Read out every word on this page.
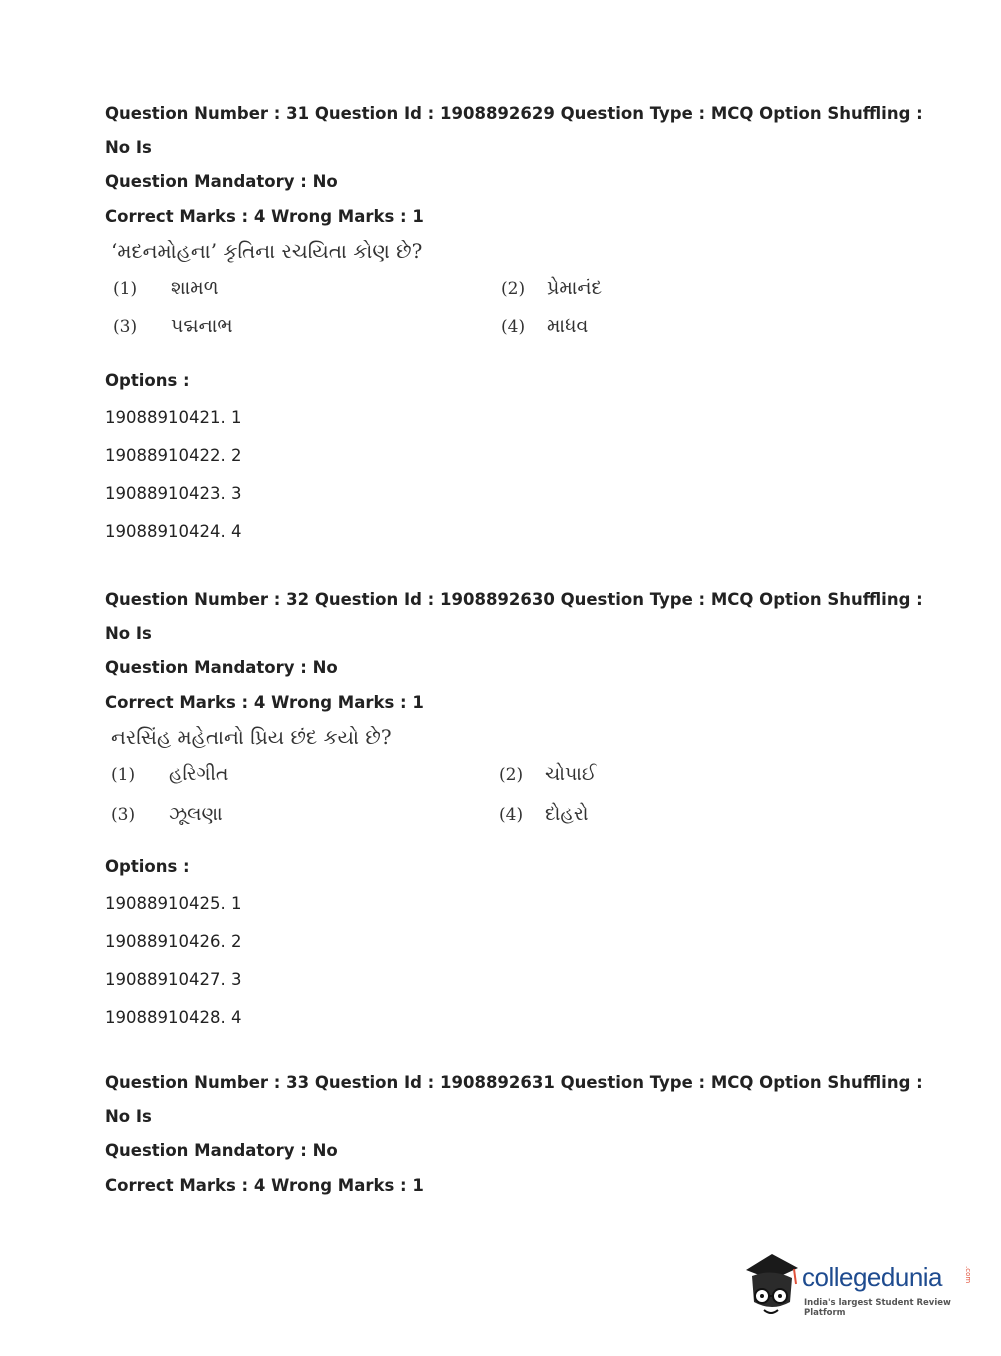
Question Number : 31 Question Id : 1908892629 Question Type : MCQ Option Shuffling : No Is
Question Mandatory : No
Correct Marks : 4 Wrong Marks : 1
‘મદનમોહના’ કૃતિના રચયિતા કોણ છે?
(1) શામળ	(2) પ્રેમાનંદ
(3) પદ્મનાભ	(4) માધવ
Options :
19088910421. 1
19088910422. 2
19088910423. 3
19088910424. 4
Question Number : 32 Question Id : 1908892630 Question Type : MCQ Option Shuffling : No Is
Question Mandatory : No
Correct Marks : 4 Wrong Marks : 1
નરસિંહ મહેતાનો પ્રિય છંદ કયો છે?
(1) હરિગીત	(2) ચોપાઈ
(3) ઝૂલણા	(4) દોહરો
Options :
19088910425. 1
19088910426. 2
19088910427. 3
19088910428. 4
Question Number : 33 Question Id : 1908892631 Question Type : MCQ Option Shuffling : No Is
Question Mandatory : No
Correct Marks : 4 Wrong Marks : 1
collegedunia	.com
India's largest Student Review Platform
